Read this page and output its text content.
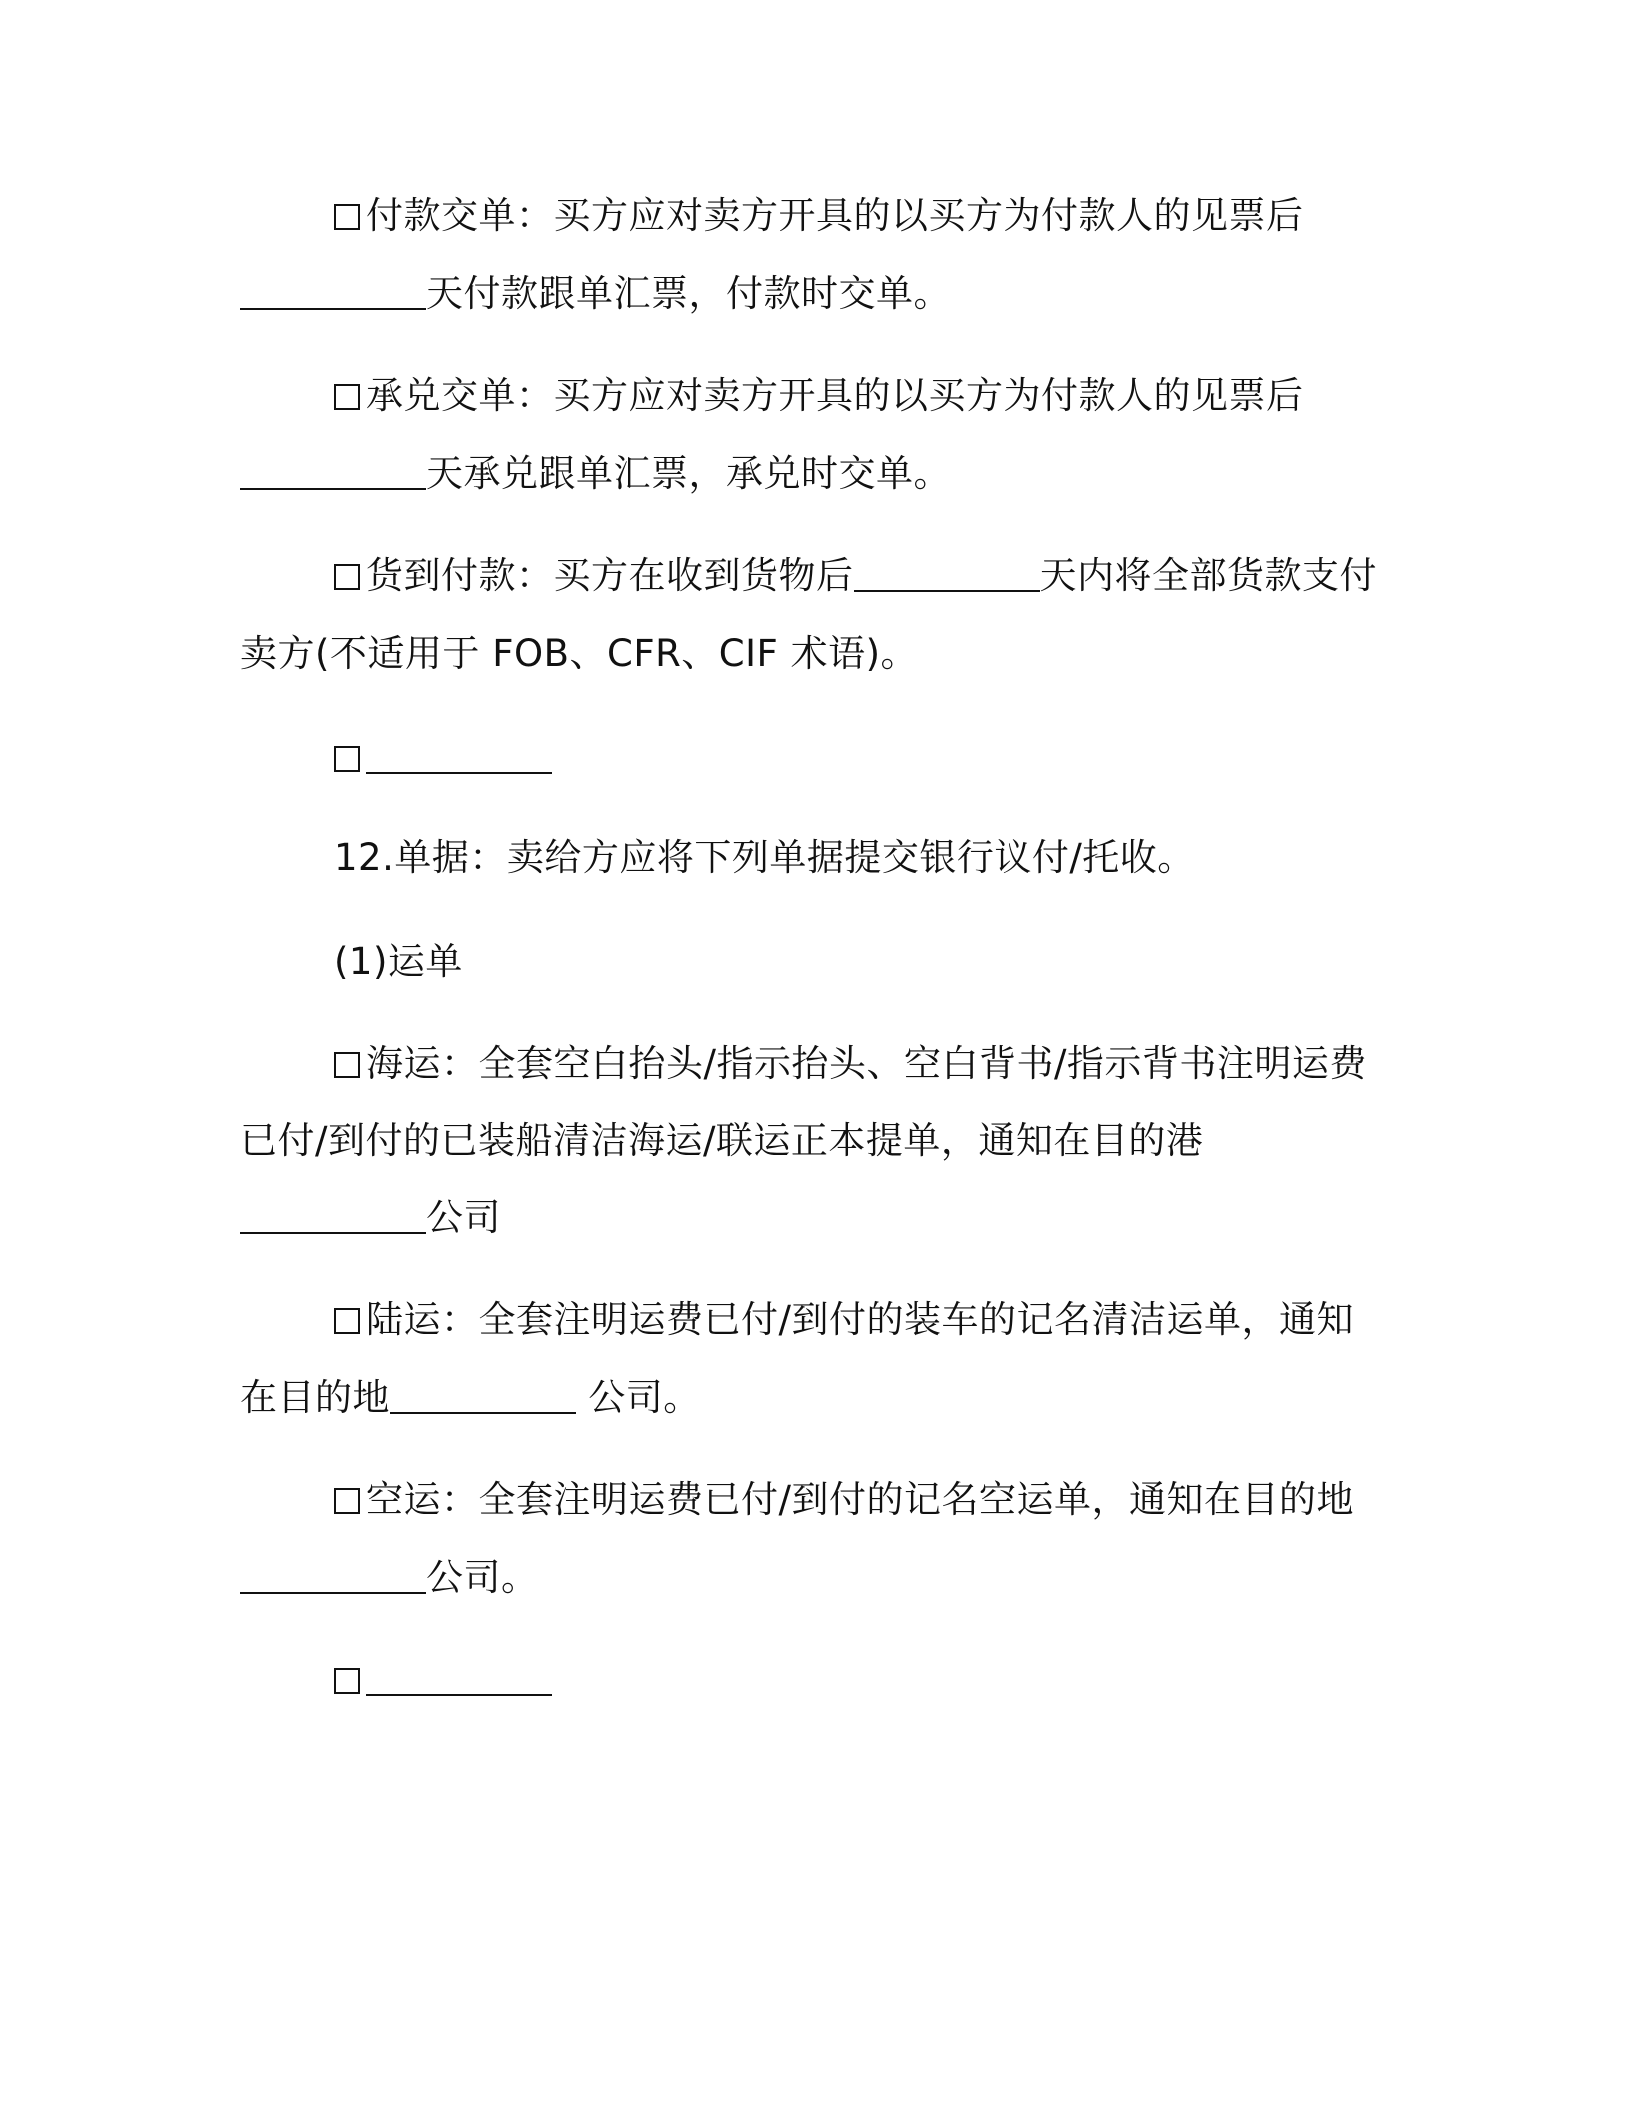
付款交单：买方应对卖方开具的以买方为付款人的见票后
天付款跟单汇票，付款时交单。
承兑交单：买方应对卖方开具的以买方为付款人的见票后
天承兑跟单汇票，承兑时交单。
货到付款：买方在收到货物后	天内将全部货款支付
卖方(不适用于 FOB、CFR、CIF 术语)。
12.单据：卖给方应将下列单据提交银行议付/托收。
(1)运单
海运：全套空白抬头/指示抬头、空白背书/指示背书注明运费
已付/到付的已装船清洁海运/联运正本提单，通知在目的港
公司
陆运：全套注明运费已付/到付的装车的记名清洁运单，通知
在目的地	公司。
空运：全套注明运费已付/到付的记名空运单，通知在目的地
公司。
